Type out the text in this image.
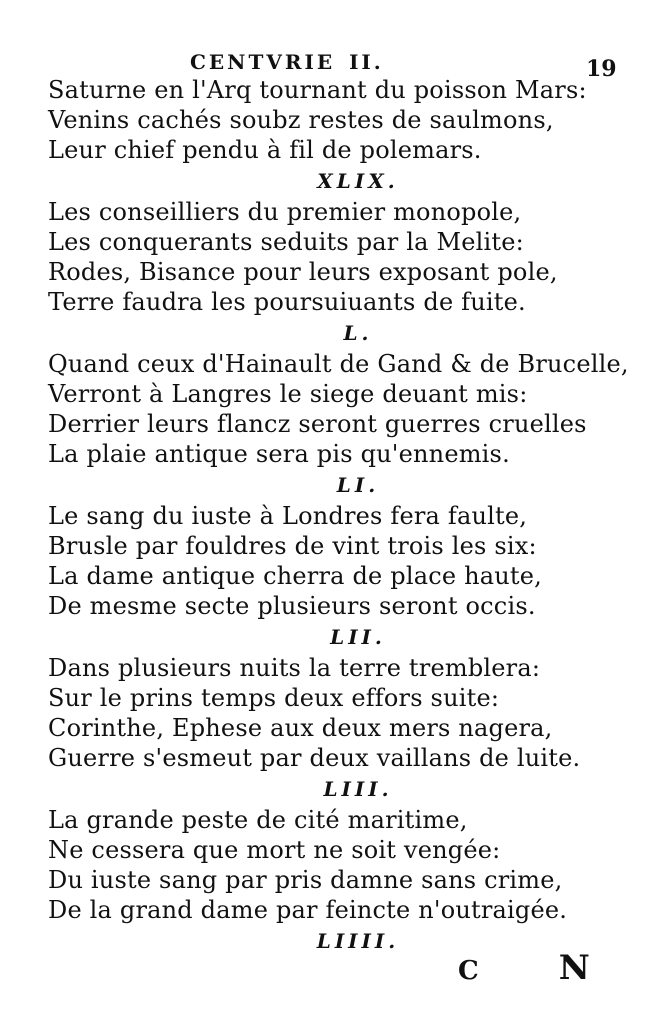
CENTVRIE II.	19
Saturne en l'Arq tournant du poisson Mars:
Venins cachés soubz restes de saulmons,
Leur chief pendu à fil de polemars.
XLIX.
Les conseilliers du premier monopole,
Les conquerants seduits par la Melite:
Rodes, Bisance pour leurs exposant pole,
Terre faudra les poursuiuants de fuite.
L.
Quand ceux d'Hainault de Gand & de Brucelle,
Verront à Langres le siege deuant mis:
Derrier leurs flancz seront guerres cruelles
La plaie antique sera pis qu'ennemis.
LI.
Le sang du iuste à Londres fera faulte,
Brusle par fouldres de vint trois les six:
La dame antique cherra de place haute,
De mesme secte plusieurs seront occis.
LII.
Dans plusieurs nuits la terre tremblera:
Sur le prins temps deux effors suite:
Corinthe, Ephese aux deux mers nagera,
Guerre s'esmeut par deux vaillans de luite.
LIII.
La grande peste de cité maritime,
Ne cessera que mort ne soit vengée:
Du iuste sang par pris damne sans crime,
De la grand dame par feincte n'outraigée.
LIIII.
C N
